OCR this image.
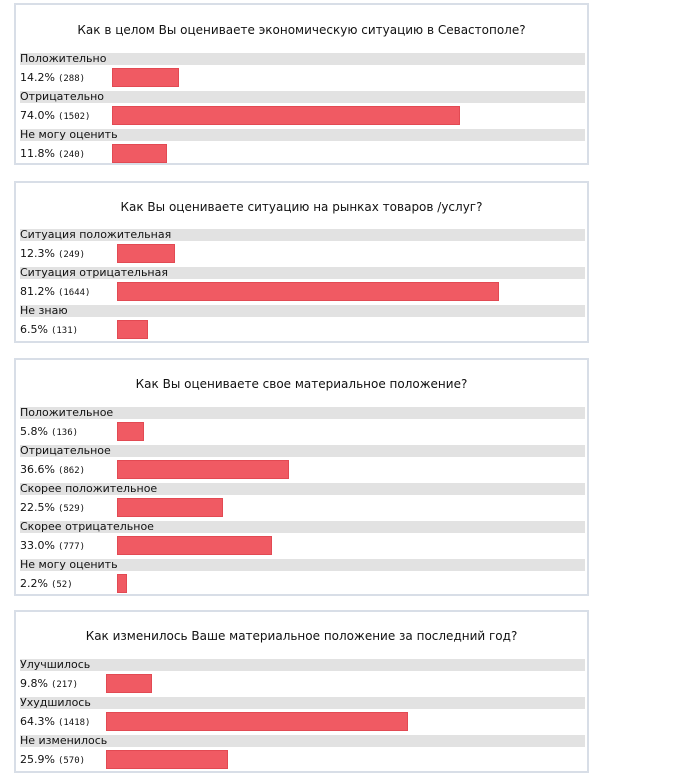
Как в целом Вы оцениваете экономическую ситуацию в Севастополе?
Положительно
14.2% (288)
Отрицательно
74.0% (1502)
Не могу оценить
11.8% (240)
Как Вы оцениваете ситуацию на рынках товаров /услуг?
Ситуация положительная
12.3% (249)
Ситуация отрицательная
81.2% (1644)
Не знаю
6.5% (131)
Как Вы оцениваете свое материальное положение?
Положительное
5.8% (136)
Отрицательное
36.6% (862)
Скорее положительное
22.5% (529)
Скорее отрицательное
33.0% (777)
Не могу оценить
2.2% (52)
Как изменилось Ваше материальное положение за последний год?
Улучшилось
9.8% (217)
Ухудшилось
64.3% (1418)
Не изменилось
25.9% (570)
